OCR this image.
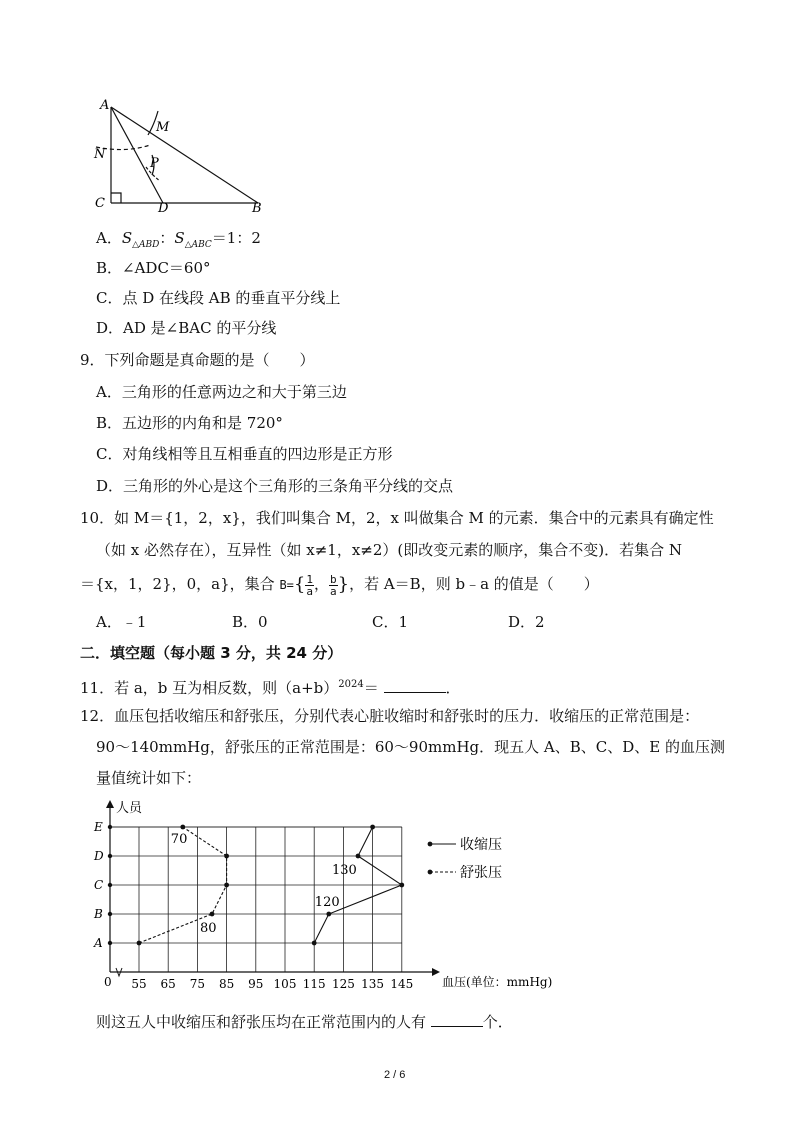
A
M
N
P
C	D	B
A．$S_{\triangle ABD}$：$S_{\triangle ABC}=1$：2
B．∠ADC＝60°
C．点 D 在线段 AB 的垂直平分线上
D．AD 是∠BAC 的平分线
9．下列命题是真命题的是（　　）
A．三角形的任意两边之和大于第三边
B．五边形的内角和是 720°
C．对角线相等且互相垂直的四边形是正方形
D．三角形的外心是这个三角形的三条角平分线的交点
10．如 M＝{1，2，x}，我们叫集合 M，2，x 叫做集合 M 的元素．集合中的元素具有确定性
（如 x 必然存在），互异性（如 x≠1，x≠2）(即改变元素的顺序，集合不变)．若集合 N
＝{x，1，2}，0，a}，集合 $B=\{ \frac{1}{a}$ ， $\frac{b}{a}$ }，若 A＝B，则 b﹣a 的值是（　　）
A．﹣1	B．0	C．1	D．2
二．填空题（每小题 3 分，共 24 分）
11．若 a，b 互为相反数，则$(a+b)^{2024}=$	．
12．血压包括收缩压和舒张压，分别代表心脏收缩时和舒张时的压力．收缩压的正常范围是：
90～140mmHg，舒张压的正常范围是：60～90mmHg．现五人 A、B、C、D、E 的血压测
量值统计如下：
55 65 75 85 95 105 115 125 135 145
A
B
C
D
E
人员
血压(单位：mmHg)
0
70
80
120
130
收缩压
舒张压
则这五人中收缩压和舒张压均在正常范围内的人有	个．
2 / 6
